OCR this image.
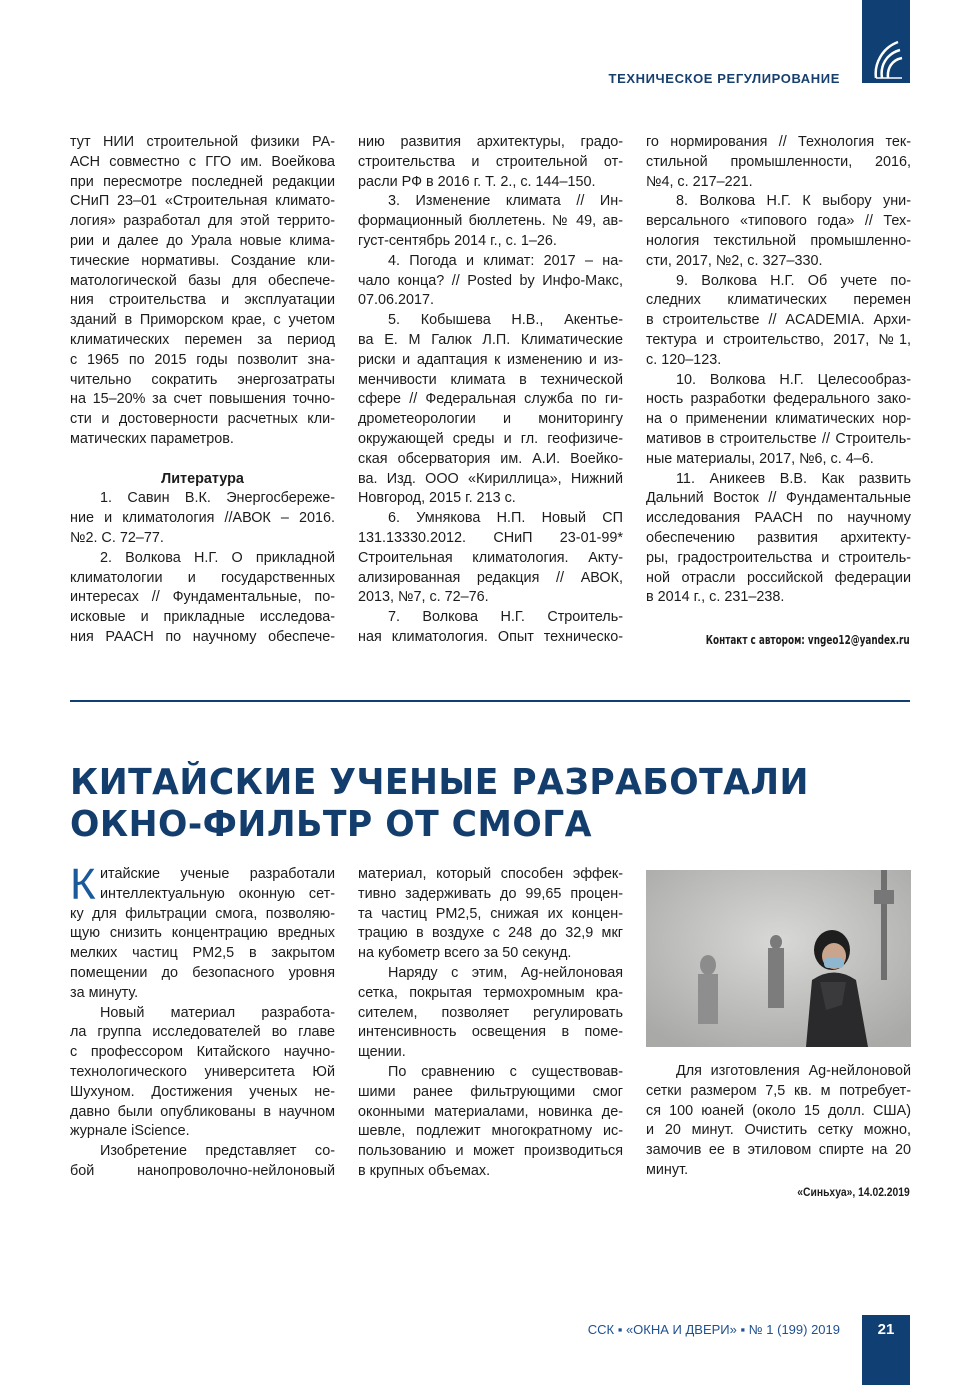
ТЕХНИЧЕСКОЕ РЕГУЛИРОВАНИЕ
тут НИИ строительной физики РА-
АСН совместно с ГГО им. Воейкова
при пересмотре последней редакции
СНиП 23–01 «Строительная климато-
логия» разработал для этой террито-
рии и далее до Урала новые клима-
тические нормативы. Создание кли-
матологической базы для обеспече-
ния строительства и эксплуатации
зданий в Приморском крае, с учетом
климатических перемен за период
с 1965 по 2015 годы позволит зна-
чительно сократить энергозатраты
на 15–20% за счет повышения точно-
сти и достоверности расчетных кли-
матических параметров.
Литература
1. Савин В.К. Энергосбереже-
ние и климатология //АВОК – 2016.
№2. С. 72–77.
2. Волкова Н.Г. О прикладной
климатологии и государственных
интересах // Фундаментальные, по-
исковые и прикладные исследова-
ния РААСН по научному обеспече-
нию развития архитектуры, градо-
строительства и строительной от-
расли РФ в 2016 г. Т. 2., с. 144–150.
3. Изменение климата // Ин-
формационный бюллетень. № 49, ав-
густ-сентябрь 2014 г., с. 1–26.
4. Погода и климат: 2017 – на-
чало конца? // Posted by Инфо-Макс,
07.06.2017.
5. Кобышева Н.В., Акентье-
ва Е. М Галюк Л.П. Климатические
риски и адаптация к изменению и из-
менчивости климата в технической
сфере // Федеральная служба по ги-
дрометеорологии и мониторингу
окружающей среды и гл. геофизиче-
ская обсерватория им. А.И. Воейко-
ва. Изд. ООО «Кириллица», Нижний
Новгород, 2015 г. 213 с.
6. Умнякова Н.П. Новый СП
131.13330.2012. СНиП 23-01-99*
Строительная климатология. Акту-
ализированная редакция // АВОК,
2013, №7, с. 72–76.
7. Волкова Н.Г. Строитель-
ная климатология. Опыт техническо-
го нормирования // Технология тек-
стильной промышленности, 2016,
№4, с. 217–221.
8. Волкова Н.Г. К выбору уни-
версального «типового года» // Тех-
нология текстильной промышленно-
сти, 2017, №2, с. 327–330.
9. Волкова Н.Г. Об учете по-
следних климатических перемен
в строительстве // ACADEMIA. Архи-
тектура и строительство, 2017, №1,
с. 120–123.
10. Волкова Н.Г. Целесообраз-
ность разработки федерального зако-
на о применении климатических нор-
мативов в строительстве // Строитель-
ные материалы, 2017, №6, с. 4–6.
11. Аникеев В.В. Как развить
Дальний Восток // Фундаментальные
исследования РААСН по научному
обеспечению развития архитекту-
ры, градостроительства и строитель-
ной отрасли российской федерации
в 2014 г., с. 231–238.
Контакт с автором: vngeo12@yandex.ru
КИТАЙСКИЕ УЧЕНЫЕ РАЗРАБОТАЛИ
ОКНО-ФИЛЬТР ОТ СМОГА
К итайские ученые разработали
интеллектуальную оконную сет-
ку для фильтрации смога, позволяю-
щую снизить концентрацию вредных
мелких частиц PM2,5 в закрытом
помещении до безопасного уровня
за минуту.
Новый материал разработа-
ла группа исследователей во главе
с профессором Китайского научно-
технологического университета Юй
Шухуном. Достижения ученых не-
давно были опубликованы в научном
журнале iScience.
Изобретение представляет со-
бой нанопроволочно-нейлоновый
материал, который способен эффек-
тивно задерживать до 99,65 процен-
та частиц PM2,5, снижая их концен-
трацию в воздухе с 248 до 32,9 мкг
на кубометр всего за 50 секунд.
Наряду с этим, Ag-нейлоновая
сетка, покрытая термохромным кра-
сителем, позволяет регулировать
интенсивность освещения в поме-
щении.
По сравнению с существовав-
шими ранее фильтрующими смог
оконными материалами, новинка де-
шевле, подлежит многократному ис-
пользованию и может производиться
в крупных объемах.
Для изготовления Ag-нейлоновой
сетки размером 7,5 кв. м потребует-
ся 100 юаней (около 15 долл. США)
и 20 минут. Очистить сетку можно,
замочив ее в этиловом спирте на 20
минут.
«Синьхуа», 14.02.2019
ССК ▪ «ОКНА И ДВЕРИ» ▪ № 1 (199) 2019	21
